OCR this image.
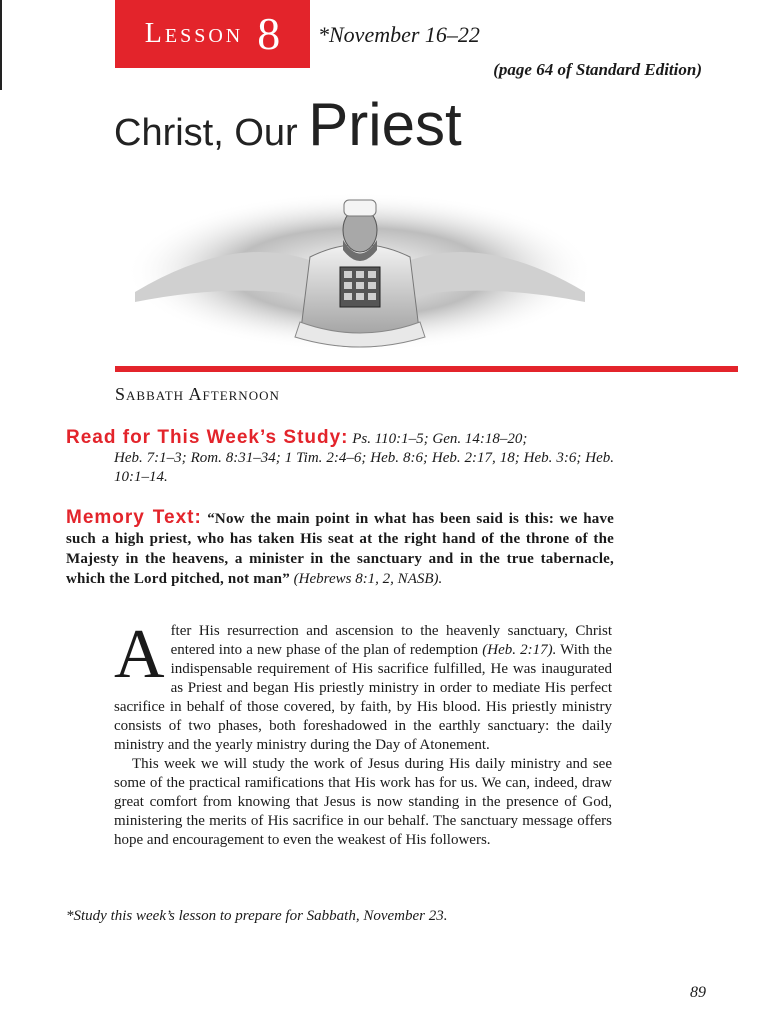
Lesson 8 *November 16–22
(page 64 of Standard Edition)
Christ, Our Priest
Sabbath Afternoon
Read for This Week’s Study: Ps. 110:1–5; Gen. 14:18–20;
Heb. 7:1–3; Rom. 8:31–34; 1 Tim. 2:4–6; Heb. 8:6; Heb. 2:17, 18; Heb. 3:6; Heb. 10:1–14.
Memory Text: “Now the main point in what has been said is this: we have such a high priest, who has taken His seat at the right hand of the throne of the Majesty in the heavens, a minister in the sanctuary and in the true tabernacle, which the Lord pitched, not man” (Hebrews 8:1, 2, NASB).

After His resurrection and ascension to the heavenly sanctuary, Christ entered into a new phase of the plan of redemption (Heb. 2:17). With the indispensable requirement of His sacrifice fulfilled, He was inaugurated as Priest and began His priestly ministry in order to mediate His perfect sacrifice in behalf of those covered, by faith, by His blood. His priestly ministry consists of two phases, both foreshadowed in the earthly sanctuary: the daily ministry and the yearly ministry during the Day of Atonement.

This week we will study the work of Jesus during His daily ministry and see some of the practical ramifications that His work has for us. We can, indeed, draw great comfort from knowing that Jesus is now standing in the presence of God, ministering the merits of His sacrifice in our behalf. The sanctuary message offers hope and encouragement to even the weakest of His followers.

*Study this week’s lesson to prepare for Sabbath, November 23.
89
